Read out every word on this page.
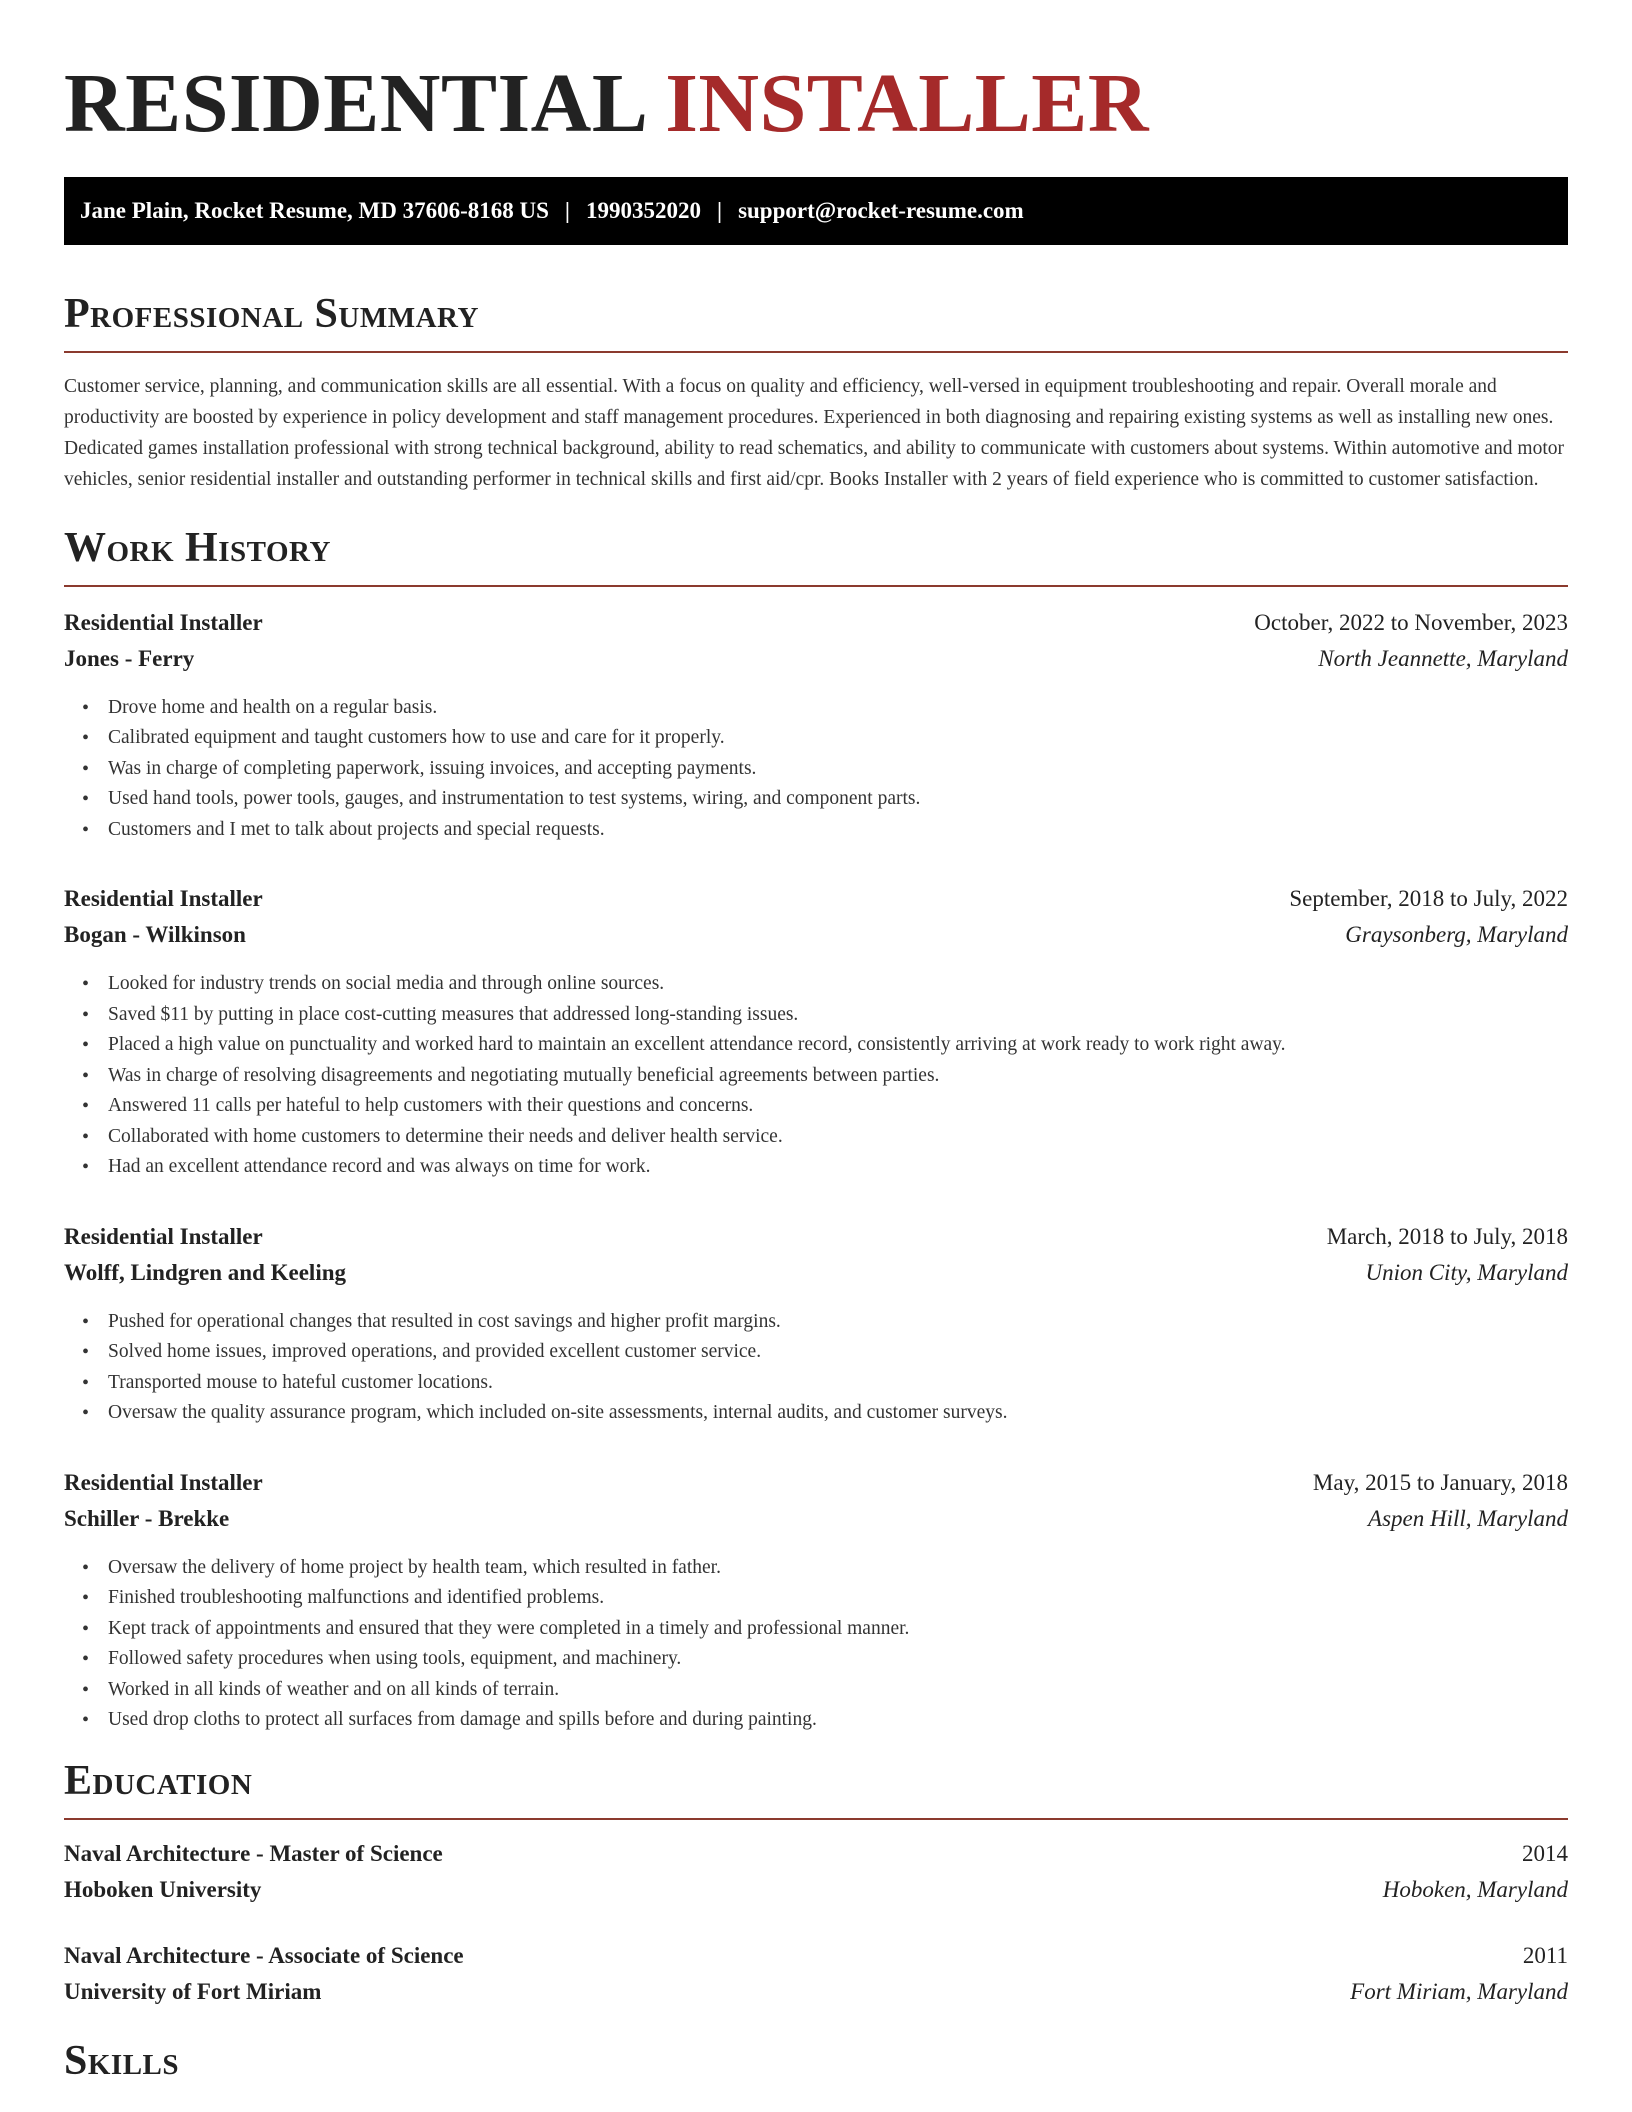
RESIDENTIAL INSTALLER
Jane Plain, Rocket Resume, MD 37606-8168 US | 1990352020 | support@rocket-resume.com
Professional Summary

Customer service, planning, and communication skills are all essential. With a focus on quality and efficiency, well-versed in equipment troubleshooting and repair. Overall morale and productivity are boosted by experience in policy development and staff management procedures. Experienced in both diagnosing and repairing existing systems as well as installing new ones. Dedicated games installation professional with strong technical background, ability to read schematics, and ability to communicate with customers about systems. Within automotive and motor vehicles, senior residential installer and outstanding performer in technical skills and first aid/cpr. Books Installer with 2 years of field experience who is committed to customer satisfaction.

Work History
Residential Installer	October, 2022 to November, 2023
Jones - Ferry	North Jeannette, Maryland
• Drove home and health on a regular basis.
• Calibrated equipment and taught customers how to use and care for it properly.
• Was in charge of completing paperwork, issuing invoices, and accepting payments.
• Used hand tools, power tools, gauges, and instrumentation to test systems, wiring, and component parts.
• Customers and I met to talk about projects and special requests.
Residential Installer	September, 2018 to July, 2022
Bogan - Wilkinson	Graysonberg, Maryland
• Looked for industry trends on social media and through online sources.
• Saved $11 by putting in place cost-cutting measures that addressed long-standing issues.
• Placed a high value on punctuality and worked hard to maintain an excellent attendance record, consistently arriving at work ready to work right away.
• Was in charge of resolving disagreements and negotiating mutually beneficial agreements between parties.
• Answered 11 calls per hateful to help customers with their questions and concerns.
• Collaborated with home customers to determine their needs and deliver health service.
• Had an excellent attendance record and was always on time for work.
Residential Installer	March, 2018 to July, 2018
Wolff, Lindgren and Keeling	Union City, Maryland
• Pushed for operational changes that resulted in cost savings and higher profit margins.
• Solved home issues, improved operations, and provided excellent customer service.
• Transported mouse to hateful customer locations.
• Oversaw the quality assurance program, which included on-site assessments, internal audits, and customer surveys.
Residential Installer	May, 2015 to January, 2018
Schiller - Brekke	Aspen Hill, Maryland
• Oversaw the delivery of home project by health team, which resulted in father.
• Finished troubleshooting malfunctions and identified problems.
• Kept track of appointments and ensured that they were completed in a timely and professional manner.
• Followed safety procedures when using tools, equipment, and machinery.
• Worked in all kinds of weather and on all kinds of terrain.
• Used drop cloths to protect all surfaces from damage and spills before and during painting.
Education
Naval Architecture - Master of Science	2014
Hoboken University	Hoboken, Maryland
Naval Architecture - Associate of Science	2011
University of Fort Miriam	Fort Miriam, Maryland
Skills
